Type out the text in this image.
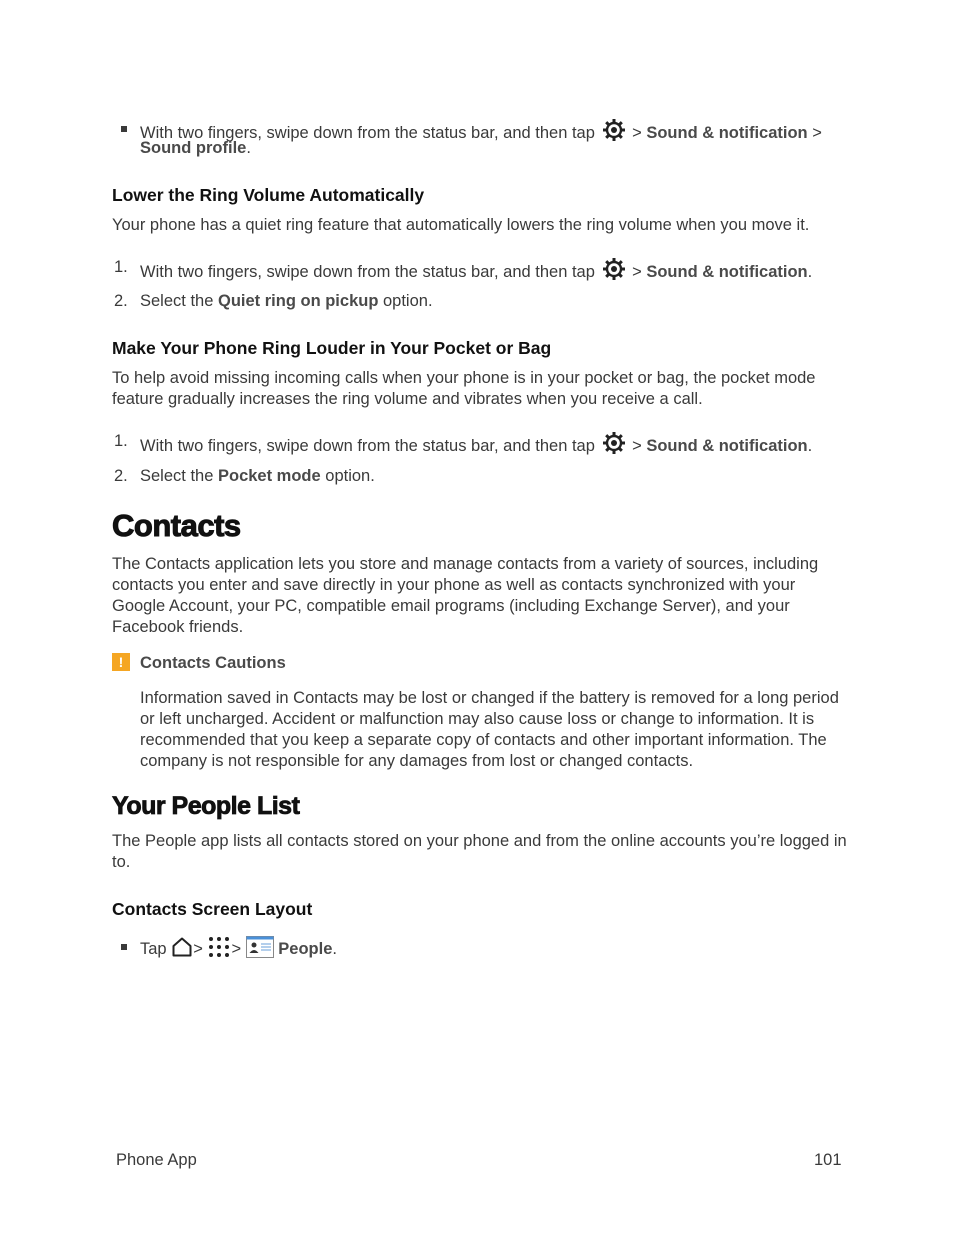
With two fingers, swipe down from the status bar, and then tap > Sound & notification >
Sound profile.
Lower the Ring Volume Automatically
Your phone has a quiet ring feature that automatically lowers the ring volume when you move it.
1. With two fingers, swipe down from the status bar, and then tap > Sound & notification.
2. Select the Quiet ring on pickup option.
Make Your Phone Ring Louder in Your Pocket or Bag
To help avoid missing incoming calls when your phone is in your pocket or bag, the pocket mode
feature gradually increases the ring volume and vibrates when you receive a call.
1. With two fingers, swipe down from the status bar, and then tap > Sound & notification.
2. Select the Pocket mode option.
Contacts
The Contacts application lets you store and manage contacts from a variety of sources, including
contacts you enter and save directly in your phone as well as contacts synchronized with your
Google Account, your PC, compatible email programs (including Exchange Server), and your
Facebook friends.
!	Contacts Cautions
Information saved in Contacts may be lost or changed if the battery is removed for a long period
or left uncharged. Accident or malfunction may also cause loss or change to information. It is
recommended that you keep a separate copy of contacts and other important information. The
company is not responsible for any damages from lost or changed contacts.
Your People List
The People app lists all contacts stored on your phone and from the online accounts you’re logged in
to.
Contacts Screen Layout
Tap > > People.
Phone App	101
